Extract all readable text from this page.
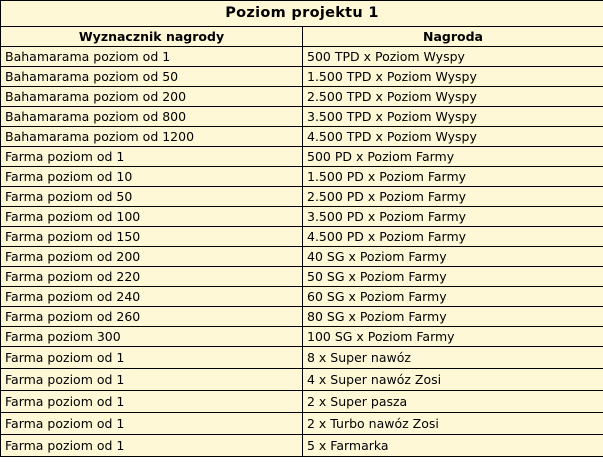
Poziom projektu 1	
Wyznacznik nagrody	Nagroda
Bahamarama poziom od 1	500 TPD x Poziom Wyspy
Bahamarama poziom od 50	1.500 TPD x Poziom Wyspy
Bahamarama poziom od 200	2.500 TPD x Poziom Wyspy
Bahamarama poziom od 800	3.500 TPD x Poziom Wyspy
Bahamarama poziom od 1200	4.500 TPD x Poziom Wyspy
Farma poziom od 1	500 PD x Poziom Farmy
Farma poziom od 10	1.500 PD x Poziom Farmy
Farma poziom od 50	2.500 PD x Poziom Farmy
Farma poziom od 100	3.500 PD x Poziom Farmy
Farma poziom od 150	4.500 PD x Poziom Farmy
Farma poziom od 200	40 SG x Poziom Farmy
Farma poziom od 220	50 SG x Poziom Farmy
Farma poziom od 240	60 SG x Poziom Farmy
Farma poziom od 260	80 SG x Poziom Farmy
Farma poziom 300	100 SG x Poziom Farmy
Farma poziom od 1	8 x Super nawóz
Farma poziom od 1	4 x Super nawóz Zosi
Farma poziom od 1	2 x Super pasza
Farma poziom od 1	2 x Turbo nawóz Zosi
Farma poziom od 1	5 x Farmarka
